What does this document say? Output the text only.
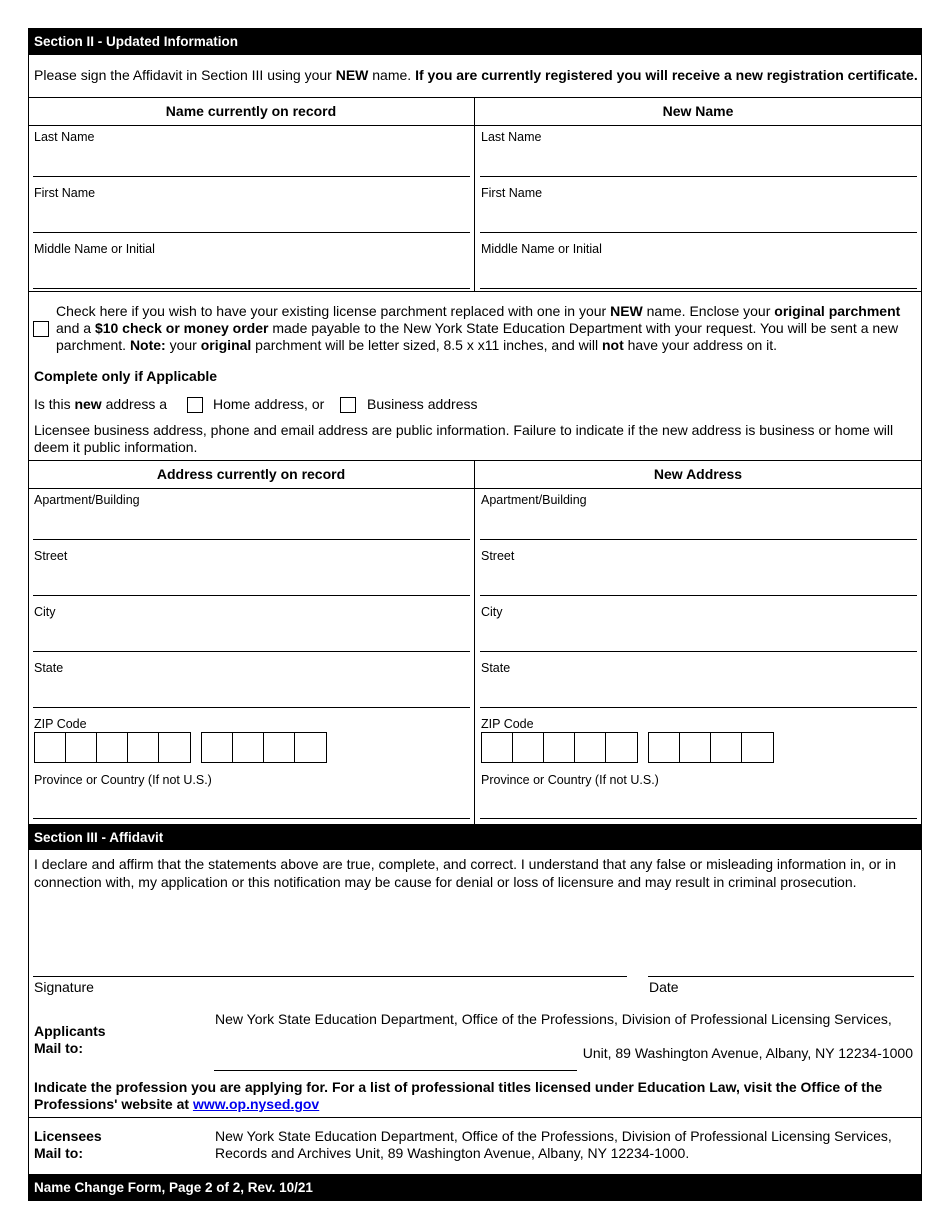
Section II - Updated Information
Please sign the Affidavit in Section III using your NEW name. If you are currently registered you will receive a new registration certificate.
Name currently on record	New Name
Last Name	Last Name
First Name	First Name
Middle Name or Initial	Middle Name or Initial
Check here if you wish to have your existing license parchment replaced with one in your NEW name. Enclose your original parchment
and a $10 check or money order made payable to the New York State Education Department with your request. You will be sent a new parchment. Note: your original parchment will be letter sized, 8.5 x x11 inches, and will not have your address on it.
Complete only if Applicable
Is this new address a	Home address, or	Business address
Licensee business address, phone and email address are public information. Failure to indicate if the new address is business or home will deem it public information.
Address currently on record	New Address
Apartment/Building	Apartment/Building
Street	Street
City	City
State	State
ZIP Code	ZIP Code
Province or Country (If not U.S.)	Province or Country (If not U.S.)
Section III - Affidavit
I declare and affirm that the statements above are true, complete, and correct. I understand that any false or misleading information in, or in connection with, my application or this notification may be cause for denial or loss of licensure and may result in criminal prosecution.
Signature	Date
Applicants
Mail to:
New York State Education Department, Office of the Professions, Division of Professional Licensing Services,
Unit, 89 Washington Avenue, Albany, NY 12234-1000
Indicate the profession you are applying for. For a list of professional titles licensed under Education Law, visit the Office of the Professions' website at www.op.nysed.gov
Licensees
Mail to:
New York State Education Department, Office of the Professions, Division of Professional Licensing Services,
Records and Archives Unit, 89 Washington Avenue, Albany, NY 12234-1000.
Name Change Form, Page 2 of 2, Rev. 10/21
